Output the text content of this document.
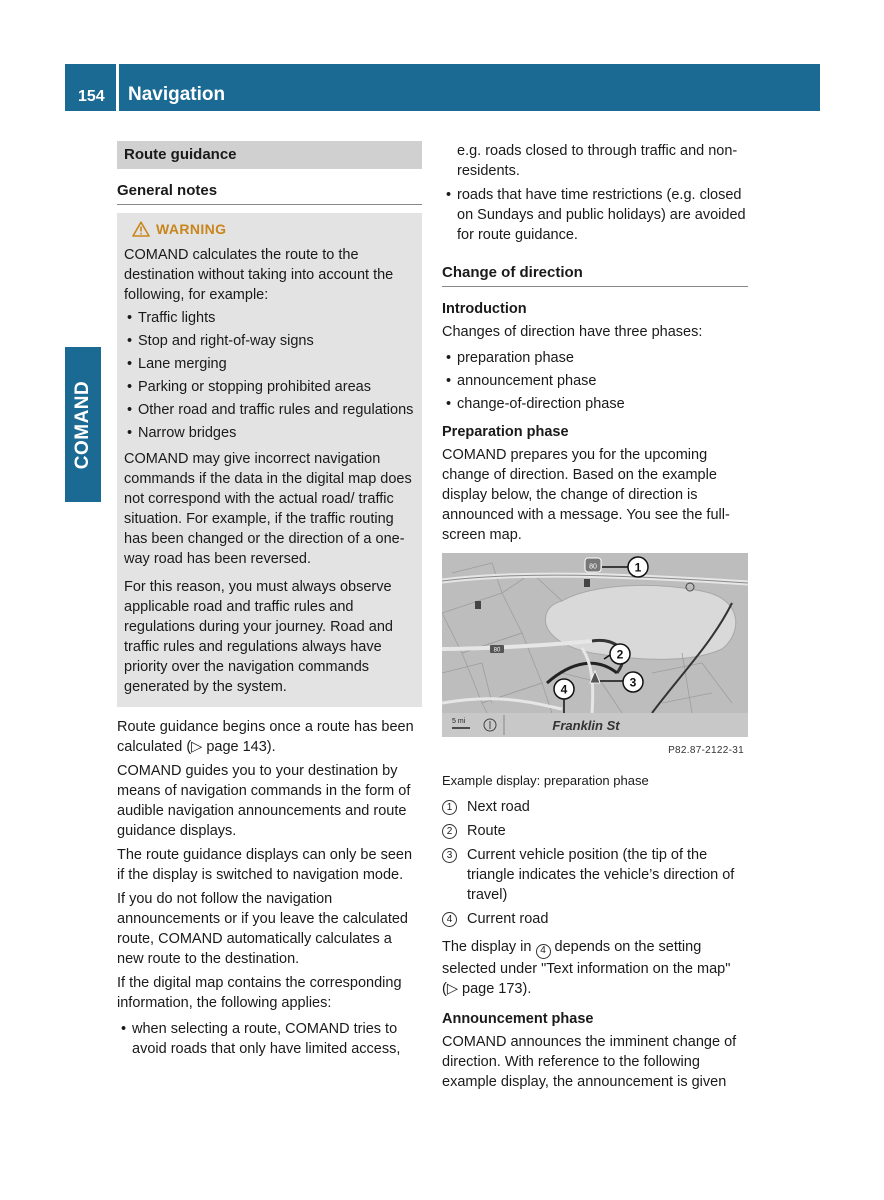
154 Navigation
COMAND
Route guidance
General notes
WARNING

COMAND calculates the route to the destination without taking into account the following, for example:

• Traffic lights
• Stop and right-of-way signs
• Lane merging
• Parking or stopping prohibited areas
• Other road and traffic rules and regulations
• Narrow bridges

COMAND may give incorrect navigation commands if the data in the digital map does not correspond with the actual road/ traffic situation. For example, if the traffic routing has been changed or the direction of a one-way road has been reversed.

For this reason, you must always observe applicable road and traffic rules and regulations during your journey. Road and traffic rules and regulations always have priority over the navigation commands generated by the system.

Route guidance begins once a route has been calculated (▷ page 143).

COMAND guides you to your destination by means of navigation commands in the form of audible navigation announcements and route guidance displays.

The route guidance displays can only be seen if the display is switched to navigation mode.

If you do not follow the navigation announcements or if you leave the calculated route, COMAND automatically calculates a new route to the destination.

If the digital map contains the corresponding information, the following applies:

• when selecting a route, COMAND tries to avoid roads that only have limited access,

e.g. roads closed to through traffic and non-residents.

• roads that have time restrictions (e.g. closed on Sundays and public holidays) are avoided for route guidance.
Change of direction
Introduction

Changes of direction have three phases:

• preparation phase
• announcement phase
• change-of-direction phase
Preparation phase

COMAND prepares you for the upcoming change of direction. Based on the example display below, the change of direction is announced with a message. You see the full-screen map.

80
80
1
2
3
4
5 mi	Franklin St
P82.87-2122-31
Example display: preparation phase
1	Next road
2	Route
3	Current vehicle position (the tip of the triangle indicates the vehicle’s direction of travel)
4	Current road

The display in 4 depends on the setting selected under "Text information on the map" (▷ page 173).

Announcement phase

COMAND announces the imminent change of direction. With reference to the following example display, the announcement is given
